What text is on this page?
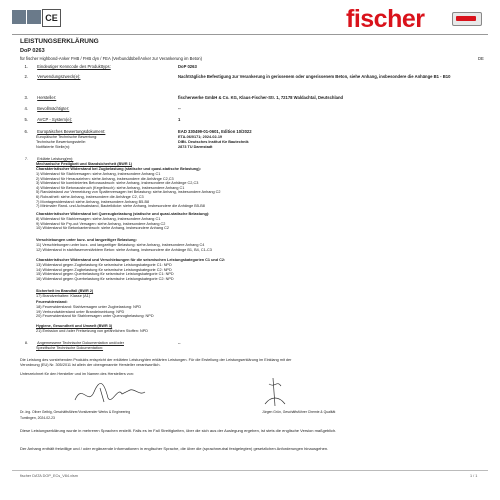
CE	fischer
LEISTUNGSERKLÄRUNG
DoP 0263
für fischer Highbond-Anker FHB / FHB dyn / FEA (Verbunddübel/Anker zur Verankerung im Beton)	DE
1. Eindeutiger Kenncode des Produkttyps:	DoP 0263
2. Verwendungszweck(e):	Nachträgliche Befestigung zur Verankerung in gerissenem oder ungerissenem Beton, siehe Anhang, insbesondere die Anhänge B1 - B10
3. Hersteller:	fischerwerke GmbH & Co. KG, Klaus-Fischer-Str. 1, 72178 Waldachtal, Deutschland
4. Bevollmächtigter:	--
5. AVCP - System(e):	1
6. Europäisches Bewertungsdokument:	EAD 330499-01-0601, Edition 10/2022
Europäische Technische Bewertung:	ETA-06/0171; 2024-02-19
Technische Bewertungsstelle:	DIBt- Deutsches Institut für Bautechnik
Notifizierte Stelle(n):	2873 TU Darmstadt
7. Erklärte Leistung(en):
Mechanische Festigkeit und Standsicherheit (BWR 1)
Charakteristischer Widerstand bei Zugbelastung (statische und quasi-statische Belastung):
1) Widerstand für Stahlversagen: siehe Anhang, insbesondere Anhang C1
2) Widerstand für Herausziehen: siehe Anhang, insbesondere die Anhänge C2,C3
3) Widerstand für kombiniertes Betonausbruch: siehe Anhang, insbesondere die Anhänge C2,C3
4) Widerstand für Betonausbruch (Kegelbruch): siehe Anhang, insbesondere Anhang C1
5) Randabstand zur Vermeidung von Spalterversagen bei Belastung: siehe Anhang, insbesondere Anhang C2
6) Robustheit: siehe Anhang, insbesondere die Anhänge C2, C3
7) Montagewiderstand: siehe Anhang, insbesondere Anhang B5-B8
7) Minimaler Rand- und Achsabstand, Bauteildicke: siehe Anhang, insbesondere die Anhänge B5-B8
Charakteristischer Widerstand bei Querzugbelastung (statische und quasi-statische Belastung):
8) Widerstand für Stahlversagen: siehe Anhang, insbesondere Anhang C1
9) Widerstand für Pry-out Versagen: siehe Anhang, insbesondere Anhang C2
10) Widerstand für Betonkantenbruch: siehe Anhang, insbesondere Anhang C2
Verschiebungen unter kurz- und langzeitiger Belastung:
11) Verschiebungen unter kurz- und langzeitiger Belastung: siehe Anhang, insbesondere Anhang C4
12) Widerstand in stahlfaserverstärktem Beton: siehe Anhang, insbesondere die Anhänge B1, B4, C1-C3
Charakteristischer Widerstand und Verschiebungen für die seismischen Leistungskategorien C1 und C2:
13) Widerstand gegen Zugbelastung für seismische Leistungskategorie C1: NPD
14) Widerstand gegen Zugbelastung für seismische Leistungskategorie C2: NPD
15) Widerstand gegen Querbelastung für seismische Leistungskategorie C1: NPD
16) Widerstand gegen Querbelastung für seismische Leistungskategorie C2: NPD
Sicherheit im Brandfall (BWR 2)
17) Brandverhalten: Klasse (A1)
Feuerwiderstand:
18) Feuerwiderstand: Stahlversagen unter Zugbelastung: NPD
19) Verbundwiderstand unter Brandeinwirkung: NPD
20) Feuerwiderstand für Stahlversagen unter Querzugbelastung: NPD
Hygiene, Gesundheit und Umwelt (BWR 3)
21) Emission und /oder Freisetzung von gefährlichen Stoffen: NPD
8. Angemessene Technische Dokumentation und/oder
Spezifische Technische Dokumentation:
--
Die Leistung des vorstehenden Produkts entspricht der erklärten Leistung/den erklärten Leistungen. Für die Erstellung der Leistungserklärung im Einklang mit der
Verordnung (EU) Nr. 305/2011 ist allein der obengenannte Hersteller verantwortlich.
Unterzeichnet für den Hersteller und im Namen des Herstellers von:
Dr.-Ing. Oliver Geibig, Geschäftsführer/Vorsitzender Werks & Engineering	Jürgen Grün, Geschäftsführer Chemie & Qualität
Tumlingen, 2024-02-23
Diese Leistungserklärung wurde in mehreren Sprachen erstellt. Falls es im Fall Streitigkeiten, über die sich aus der Auslegung ergeben, ist stets die englische Version maßgeblich.
Der Anhang enthält freiwillige und / oder ergänzende Informationen in englischer Sprache, die über die (sprachneutral festgelegten) gesetzlichen Anforderungen hinausgehen.
fischer DATA DOP_ECs_V84.xlsm	1 / 1
